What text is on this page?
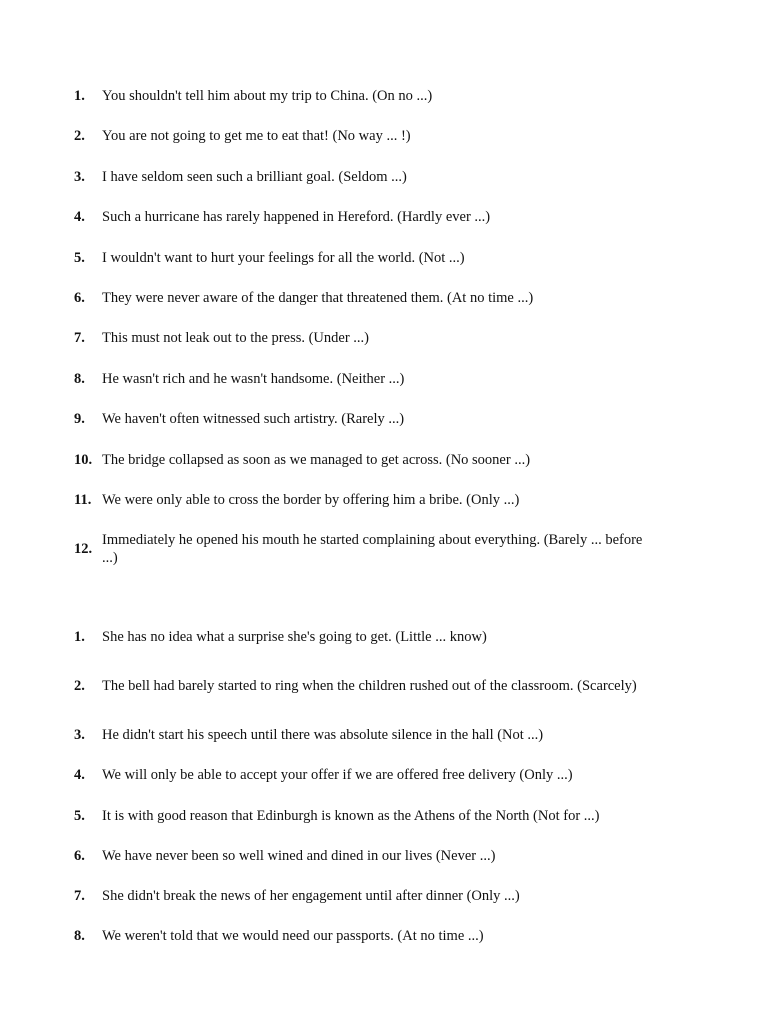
1.	You shouldn't tell him about my trip to China. (On no ...)
2.	You are not going to get me to eat that! (No way ... !)
3.	I have seldom seen such a brilliant goal. (Seldom ...)
4.	Such a hurricane has rarely happened in Hereford. (Hardly ever ...)
5.	I wouldn't want to hurt your feelings for all the world. (Not ...)
6.	They were never aware of the danger that threatened them. (At no time ...)
7.	This must not leak out to the press. (Under ...)
8.	He wasn't rich and he wasn't handsome. (Neither ...)
9.	We haven't often witnessed such artistry. (Rarely ...)
10. The bridge collapsed as soon as we managed to get across. (No sooner ...)
11. We were only able to cross the border by offering him a bribe. (Only ...)
12.
Immediately he opened his mouth he started complaining about everything. (Barely ... before ...)
1.	She has no idea what a surprise she's going to get. (Little ... know)
2.	The bell had barely started to ring when the children rushed out of the classroom. (Scarcely)
3.	He didn't start his speech until there was absolute silence in the hall (Not ...)
4.	We will only be able to accept your offer if we are offered free delivery (Only ...)
5.	It is with good reason that Edinburgh is known as the Athens of the North (Not for ...)
6.	We have never been so well wined and dined in our lives (Never ...)
7.	She didn't break the news of her engagement until after dinner (Only ...)
8.	We weren't told that we would need our passports. (At no time ...)
